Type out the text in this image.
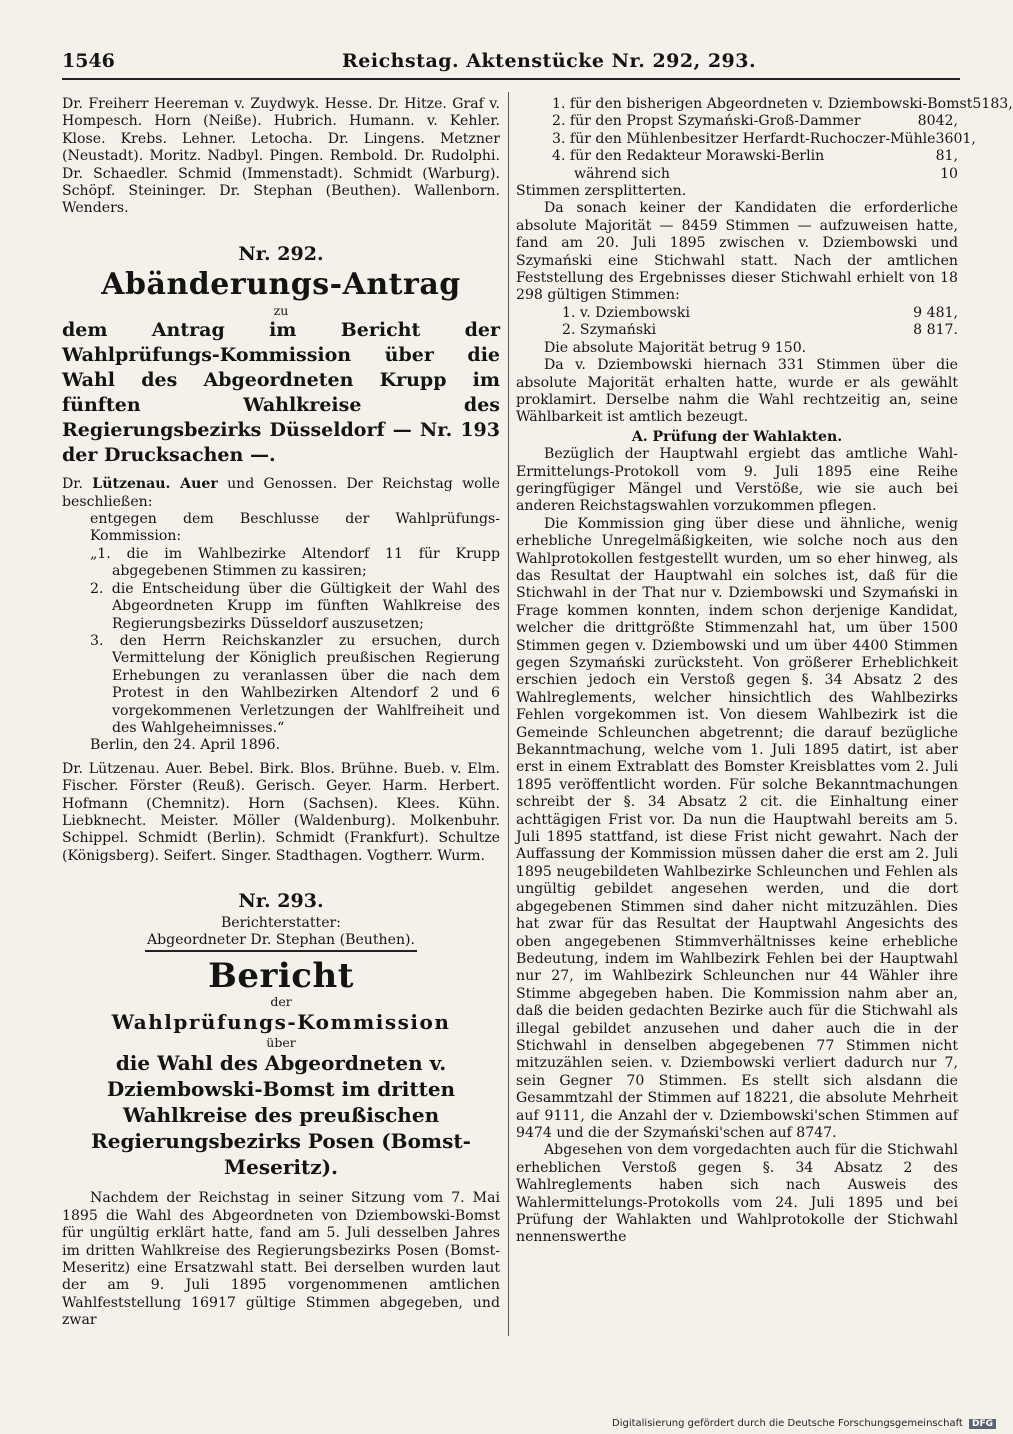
1546	Reichstag. Aktenstücke Nr. 292, 293.

Dr. Freiherr Heereman v. Zuydwyk. Hesse. Dr. Hitze. Graf v. Hompesch. Horn (Neiße). Hubrich. Humann. v. Kehler. Klose. Krebs. Lehner. Letocha. Dr. Lingens. Metzner (Neustadt). Moritz. Nadbyl. Pingen. Rembold. Dr. Rudolphi. Dr. Schaedler. Schmid (Immenstadt). Schmidt (Warburg). Schöpf. Steininger. Dr. Stephan (Beuthen). Wallenborn. Wenders.

Nr. 292.

Abänderungs-Antrag

zu

dem Antrag im Bericht der Wahlprüfungs-Kommission über die Wahl des Abgeordneten Krupp im fünften Wahlkreise des Regierungsbezirks Düsseldorf — Nr. 193 der Drucksachen —.

Dr. Lützenau. Auer und Genossen. Der Reichstag wolle beschließen:

entgegen dem Beschlusse der Wahlprüfungs-Kommission:

„1. die im Wahlbezirke Altendorf 11 für Krupp abgegebenen Stimmen zu kassiren;

2. die Entscheidung über die Gültigkeit der Wahl des Abgeordneten Krupp im fünften Wahlkreise des Regierungsbezirks Düsseldorf auszusetzen;

3. den Herrn Reichskanzler zu ersuchen, durch Vermittelung der Königlich preußischen Regierung Erhebungen zu veranlassen über die nach dem Protest in den Wahlbezirken Altendorf 2 und 6 vorgekommenen Verletzungen der Wahlfreiheit und des Wahlgeheimnisses.“

Berlin, den 24. April 1896.

Dr. Lützenau. Auer. Bebel. Birk. Blos. Brühne. Bueb. v. Elm. Fischer. Förster (Reuß). Gerisch. Geyer. Harm. Herbert. Hofmann (Chemnitz). Horn (Sachsen). Klees. Kühn. Liebknecht. Meister. Möller (Waldenburg). Molkenbuhr. Schippel. Schmidt (Berlin). Schmidt (Frankfurt). Schultze (Königsberg). Seifert. Singer. Stadthagen. Vogtherr. Wurm.

Nr. 293.

Berichterstatter:

Abgeordneter Dr. Stephan (Beuthen).

Bericht

der

Wahlprüfungs-Kommission

über

die Wahl des Abgeordneten v. Dziembowski-Bomst im dritten Wahlkreise des preußischen Regierungsbezirks Posen (Bomst-Meseritz).

Nachdem der Reichstag in seiner Sitzung vom 7. Mai 1895 die Wahl des Abgeordneten von Dziembowski-Bomst für ungültig erklärt hatte, fand am 5. Juli desselben Jahres im dritten Wahlkreise des Regierungsbezirks Posen (Bomst-Meseritz) eine Ersatzwahl statt. Bei derselben wurden laut der am 9. Juli 1895 vorgenommenen amtlichen Wahlfeststellung 16917 gültige Stimmen abgegeben, und zwar

1. für den bisherigen Abgeordneten v. Dziembowski-Bomst 5183,
2. für den Propst Szymański-Groß-Dammer	8042,
3. für den Mühlenbesitzer Herfardt-Ruchoczer-Mühle 3601,
4. für den Redakteur Morawski-Berlin	81,
während sich	10

Stimmen zersplitterten.

Da sonach keiner der Kandidaten die erforderliche absolute Majorität — 8459 Stimmen — aufzuweisen hatte, fand am 20. Juli 1895 zwischen v. Dziembowski und Szymański eine Stichwahl statt. Nach der amtlichen Feststellung des Ergebnisses dieser Stichwahl erhielt von 18 298 gültigen Stimmen:

1. v. Dziembowski	9 481,
2. Szymański	8 817.

Die absolute Majorität betrug 9 150.

Da v. Dziembowski hiernach 331 Stimmen über die absolute Majorität erhalten hatte, wurde er als gewählt proklamirt. Derselbe nahm die Wahl rechtzeitig an, seine Wählbarkeit ist amtlich bezeugt.

A. Prüfung der Wahlakten.

Bezüglich der Hauptwahl ergiebt das amtliche Wahl-Ermittelungs-Protokoll vom 9. Juli 1895 eine Reihe geringfügiger Mängel und Verstöße, wie sie auch bei anderen Reichstagswahlen vorzukommen pflegen.

Die Kommission ging über diese und ähnliche, wenig erhebliche Unregelmäßigkeiten, wie solche noch aus den Wahlprotokollen festgestellt wurden, um so eher hinweg, als das Resultat der Hauptwahl ein solches ist, daß für die Stichwahl in der That nur v. Dziembowski und Szymański in Frage kommen konnten, indem schon derjenige Kandidat, welcher die drittgrößte Stimmenzahl hat, um über 1500 Stimmen gegen v. Dziembowski und um über 4400 Stimmen gegen Szymański zurücksteht. Von größerer Erheblichkeit erschien jedoch ein Verstoß gegen §. 34 Absatz 2 des Wahlreglements, welcher hinsichtlich des Wahlbezirks Fehlen vorgekommen ist. Von diesem Wahlbezirk ist die Gemeinde Schleunchen abgetrennt; die darauf bezügliche Bekanntmachung, welche vom 1. Juli 1895 datirt, ist aber erst in einem Extrablatt des Bomster Kreisblattes vom 2. Juli 1895 veröffentlicht worden. Für solche Bekanntmachungen schreibt der §. 34 Absatz 2 cit. die Einhaltung einer achttägigen Frist vor. Da nun die Hauptwahl bereits am 5. Juli 1895 stattfand, ist diese Frist nicht gewahrt. Nach der Auffassung der Kommission müssen daher die erst am 2. Juli 1895 neugebildeten Wahlbezirke Schleunchen und Fehlen als ungültig gebildet angesehen werden, und die dort abgegebenen Stimmen sind daher nicht mitzuzählen. Dies hat zwar für das Resultat der Hauptwahl Angesichts des oben angegebenen Stimmverhältnisses keine erhebliche Bedeutung, indem im Wahlbezirk Fehlen bei der Hauptwahl nur 27, im Wahlbezirk Schleunchen nur 44 Wähler ihre Stimme abgegeben haben. Die Kommission nahm aber an, daß die beiden gedachten Bezirke auch für die Stichwahl als illegal gebildet anzusehen und daher auch die in der Stichwahl in denselben abgegebenen 77 Stimmen nicht mitzuzählen seien. v. Dziembowski verliert dadurch nur 7, sein Gegner 70 Stimmen. Es stellt sich alsdann die Gesammtzahl der Stimmen auf 18221, die absolute Mehrheit auf 9111, die Anzahl der v. Dziembowski'schen Stimmen auf 9474 und die der Szymański'schen auf 8747.

Abgesehen von dem vorgedachten auch für die Stichwahl erheblichen Verstoß gegen §. 34 Absatz 2 des Wahlreglements haben sich nach Ausweis des Wahlermittelungs-Protokolls vom 24. Juli 1895 und bei Prüfung der Wahlakten und Wahlprotokolle der Stichwahl nennenswerthe

Digitalisierung gefördert durch die Deutsche Forschungsgemeinschaft DFG
